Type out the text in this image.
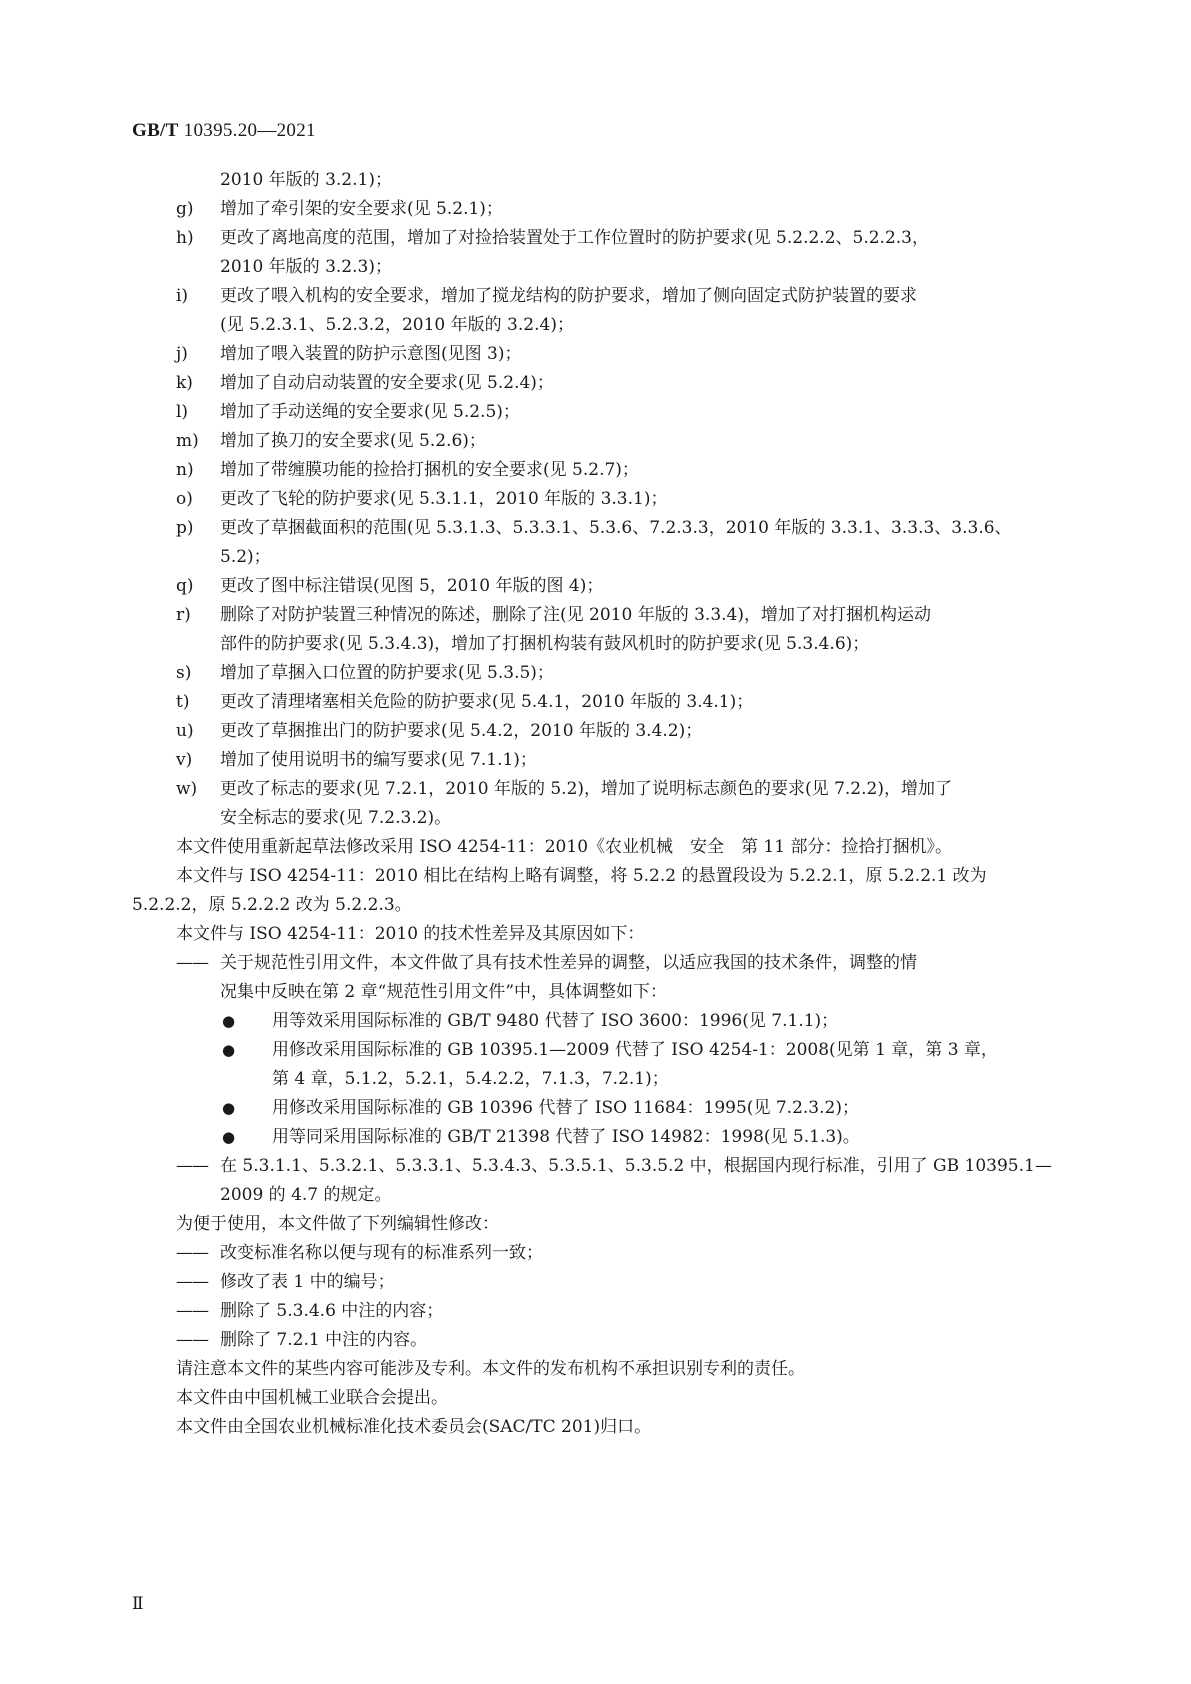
GB/T 10395.20—2021
2010 年版的 3.2.1)；
g) 增加了牵引架的安全要求(见 5.2.1)；
h) 更改了离地高度的范围，增加了对捡拾装置处于工作位置时的防护要求(见 5.2.2.2、5.2.2.3，
2010 年版的 3.2.3)；
i) 更改了喂入机构的安全要求，增加了搅龙结构的防护要求，增加了侧向固定式防护装置的要求
(见 5.2.3.1、5.2.3.2，2010 年版的 3.2.4)；
j) 增加了喂入装置的防护示意图(见图 3)；
k) 增加了自动启动装置的安全要求(见 5.2.4)；
l) 增加了手动送绳的安全要求(见 5.2.5)；
m) 增加了换刀的安全要求(见 5.2.6)；
n) 增加了带缠膜功能的捡拾打捆机的安全要求(见 5.2.7)；
o) 更改了飞轮的防护要求(见 5.3.1.1，2010 年版的 3.3.1)；
p) 更改了草捆截面积的范围(见 5.3.1.3、5.3.3.1、5.3.6、7.2.3.3，2010 年版的 3.3.1、3.3.3、3.3.6、5.2)；
q) 更改了图中标注错误(见图 5，2010 年版的图 4)；
r) 删除了对防护装置三种情况的陈述，删除了注(见 2010 年版的 3.3.4)，增加了对打捆机构运动
部件的防护要求(见 5.3.4.3)，增加了打捆机构装有鼓风机时的防护要求(见 5.3.4.6)；
s) 增加了草捆入口位置的防护要求(见 5.3.5)；
t) 更改了清理堵塞相关危险的防护要求(见 5.4.1，2010 年版的 3.4.1)；
u) 更改了草捆推出门的防护要求(见 5.4.2，2010 年版的 3.4.2)；
v) 增加了使用说明书的编写要求(见 7.1.1)；
w) 更改了标志的要求(见 7.2.1，2010 年版的 5.2)，增加了说明标志颜色的要求(见 7.2.2)，增加了
安全标志的要求(见 7.2.3.2)。
本文件使用重新起草法修改采用 ISO 4254-11：2010《农业机械　安全　第 11 部分：捡拾打捆机》。
本文件与 ISO 4254-11：2010 相比在结构上略有调整，将 5.2.2 的悬置段设为 5.2.2.1，原 5.2.2.1 改为 5.2.2.2，原 5.2.2.2 改为 5.2.2.3。
本文件与 ISO 4254-11：2010 的技术性差异及其原因如下：
—— 关于规范性引用文件，本文件做了具有技术性差异的调整，以适应我国的技术条件，调整的情
况集中反映在第 2 章“规范性引用文件”中，具体调整如下：
● 用等效采用国际标准的 GB/T 9480 代替了 ISO 3600：1996(见 7.1.1)；
● 用修改采用国际标准的 GB 10395.1—2009 代替了 ISO 4254-1：2008(见第 1 章，第 3 章，
第 4 章，5.1.2，5.2.1，5.4.2.2，7.1.3，7.2.1)；
● 用修改采用国际标准的 GB 10396 代替了 ISO 11684：1995(见 7.2.3.2)；
● 用等同采用国际标准的 GB/T 21398 代替了 ISO 14982：1998(见 5.1.3)。
—— 在 5.3.1.1、5.3.2.1、5.3.3.1、5.3.4.3、5.3.5.1、5.3.5.2 中，根据国内现行标准，引用了 GB 10395.1—
2009 的 4.7 的规定。
为便于使用，本文件做了下列编辑性修改：
—— 改变标准名称以便与现有的标准系列一致；
—— 修改了表 1 中的编号；
—— 删除了 5.3.4.6 中注的内容；
—— 删除了 7.2.1 中注的内容。
请注意本文件的某些内容可能涉及专利。本文件的发布机构不承担识别专利的责任。
本文件由中国机械工业联合会提出。
本文件由全国农业机械标准化技术委员会(SAC/TC 201)归口。
Ⅱ
